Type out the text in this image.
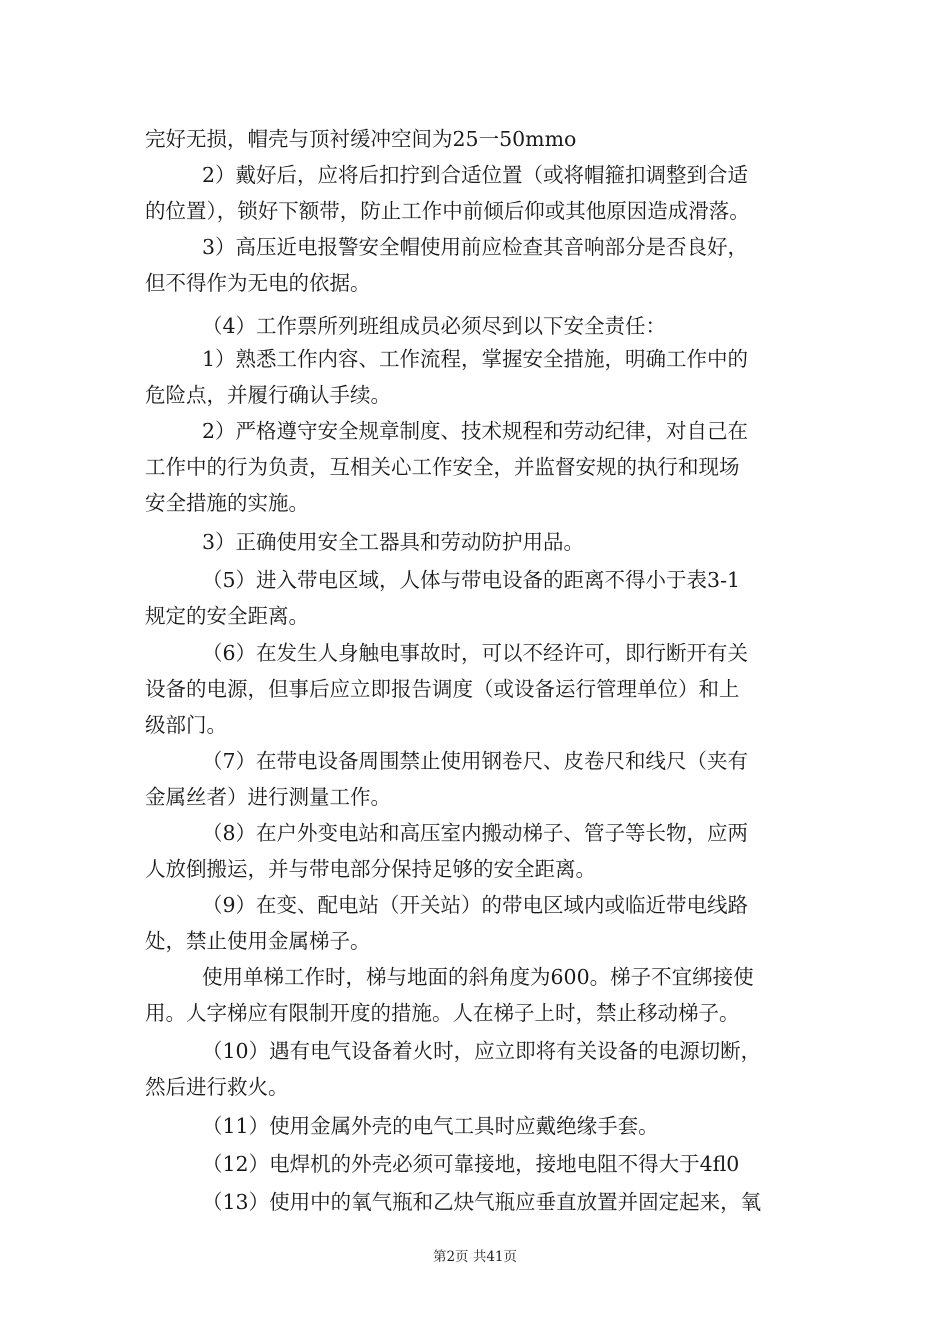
完好无损，帽壳与顶衬缓冲空间为25一50mmo
2）戴好后，应将后扣拧到合适位置（或将帽箍扣调整到合适
的位置），锁好下额带，防止工作中前倾后仰或其他原因造成滑落。
3）高压近电报警安全帽使用前应检查其音响部分是否良好，
但不得作为无电的依据。
（4）工作票所列班组成员必须尽到以下安全责任：
1）熟悉工作内容、工作流程，掌握安全措施，明确工作中的
危险点，并履行确认手续。
2）严格遵守安全规章制度、技术规程和劳动纪律，对自己在
工作中的行为负责，互相关心工作安全，并监督安规的执行和现场
安全措施的实施。
3）正确使用安全工器具和劳动防护用品。
（5）进入带电区域，人体与带电设备的距离不得小于表3-1
规定的安全距离。
（6）在发生人身触电事故时，可以不经许可，即行断开有关
设备的电源，但事后应立即报告调度（或设备运行管理单位）和上
级部门。
（7）在带电设备周围禁止使用钢卷尺、皮卷尺和线尺（夹有
金属丝者）进行测量工作。
（8）在户外变电站和高压室内搬动梯子、管子等长物，应两
人放倒搬运，并与带电部分保持足够的安全距离。
（9）在变、配电站（开关站）的带电区域内或临近带电线路
处，禁止使用金属梯子。
使用单梯工作时，梯与地面的斜角度为600。梯子不宜绑接使
用。人字梯应有限制开度的措施。人在梯子上时，禁止移动梯子。
（10）遇有电气设备着火时，应立即将有关设备的电源切断，
然后进行救火。
（11）使用金属外壳的电气工具时应戴绝缘手套。
（12）电焊机的外壳必须可靠接地，接地电阻不得大于4fl0
（13）使用中的氧气瓶和乙炔气瓶应垂直放置并固定起来，氧
第2页 共41页
